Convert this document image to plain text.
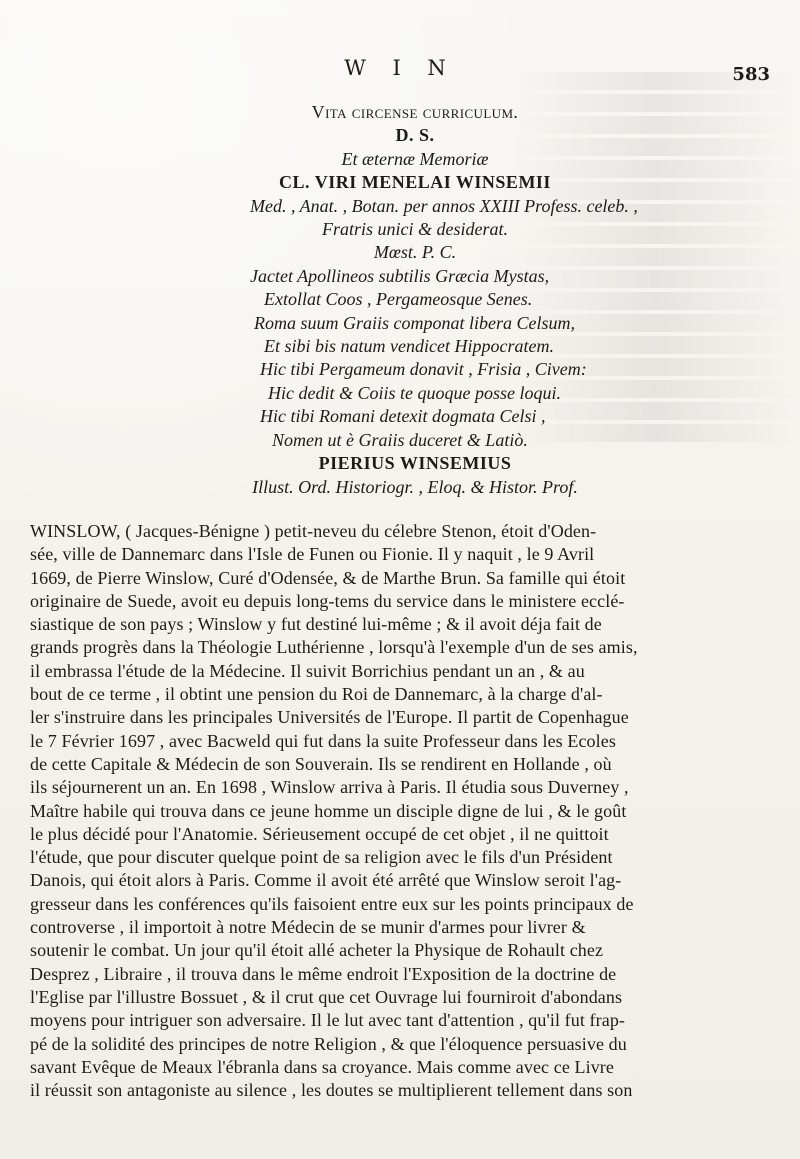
W I N	583

Vita circense curriculum.

D. S.

Et æternæ Memoriæ

CL. VIRI MENELAI WINSEMII

Med. , Anat. , Botan. per annos XXIII Profess. celeb. ,

Fratris unici & desiderat.

Mœst. P. C.

Jactet Apollineos subtilis Græcia Mystas,

Extollat Coos , Pergameosque Senes.

Roma suum Graiis componat libera Celsum,

Et sibi bis natum vendicet Hippocratem.

Hic tibi Pergameum donavit , Frisia , Civem:

Hic dedit & Coiis te quoque posse loqui.

Hic tibi Romani detexit dogmata Celsi ,

Nomen ut è Graiis duceret & Latiò.

PIERIUS WINSEMIUS

Illust. Ord. Historiogr. , Eloq. & Histor. Prof.

WINSLOW, ( Jacques-Bénigne ) petit-neveu du célebre Stenon, étoit d'Oden-

sée, ville de Dannemarc dans l'Isle de Funen ou Fionie. Il y naquit , le 9 Avril

1669, de Pierre Winslow, Curé d'Odensée, & de Marthe Brun. Sa famille qui étoit

originaire de Suede, avoit eu depuis long-tems du service dans le ministere ecclé-

siastique de son pays ; Winslow y fut destiné lui-même ; & il avoit déja fait de

grands progrès dans la Théologie Luthérienne , lorsqu'à l'exemple d'un de ses amis,

il embrassa l'étude de la Médecine. Il suivit Borrichius pendant un an , & au

bout de ce terme , il obtint une pension du Roi de Dannemarc, à la charge d'al-

ler s'instruire dans les principales Universités de l'Europe. Il partit de Copenhague

le 7 Février 1697 , avec Bacweld qui fut dans la suite Professeur dans les Ecoles

de cette Capitale & Médecin de son Souverain. Ils se rendirent en Hollande , où

ils séjournerent un an. En 1698 , Winslow arriva à Paris. Il étudia sous Duverney ,

Maître habile qui trouva dans ce jeune homme un disciple digne de lui , & le goût

le plus décidé pour l'Anatomie. Sérieusement occupé de cet objet , il ne quittoit

l'étude, que pour discuter quelque point de sa religion avec le fils d'un Président

Danois, qui étoit alors à Paris. Comme il avoit été arrêté que Winslow seroit l'ag-

gresseur dans les conférences qu'ils faisoient entre eux sur les points principaux de

controverse , il importoit à notre Médecin de se munir d'armes pour livrer &

soutenir le combat. Un jour qu'il étoit allé acheter la Physique de Rohault chez

Desprez , Libraire , il trouva dans le même endroit l'Exposition de la doctrine de

l'Eglise par l'illustre Bossuet , & il crut que cet Ouvrage lui fourniroit d'abondans

moyens pour intriguer son adversaire. Il le lut avec tant d'attention , qu'il fut frap-

pé de la solidité des principes de notre Religion , & que l'éloquence persuasive du

savant Evêque de Meaux l'ébranla dans sa croyance. Mais comme avec ce Livre

il réussit son antagoniste au silence , les doutes se multiplierent tellement dans son
